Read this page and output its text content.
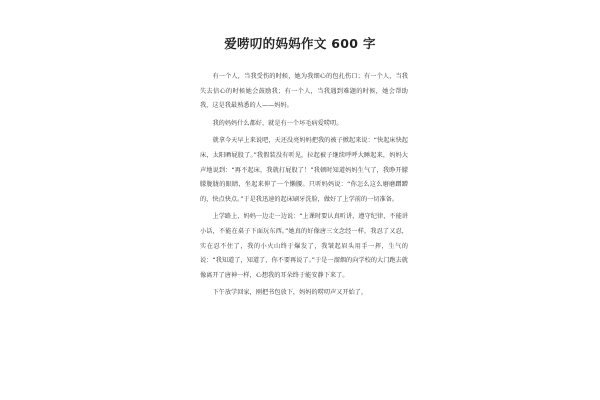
爱唠叨的妈妈作文 600 字

有一个人，当我受伤的时候，她为我细心的包扎伤口；有一个人，当我失去信心的时候她会鼓励我；有一个人，当我遇到难题的时候，她会帮助我，这是我最熟悉的人——妈妈。

我的妈妈什么都好，就是有一个坏毛病爱唠叨。

就拿今天早上来说吧，天还没亮妈妈把我的被子掀起来说：“快起床快起床，太阳晒屁股了。”我假装没有听见，拉起被子继续呼呼大睡起来，妈妈大声地说到：“再不起床，我就打屁股了！”我顿时知道妈妈生气了，我睁开朦朦胧胧的眼睛，坐起来伸了一个懒腰。只听妈妈说：“你怎么这么磨磨蹭蹭的，快点快点。”于是我迅速的起床刷牙洗脸，做好了上学前的一切准备。

上学路上，妈妈一边走一边说：“上课时要认真听讲，遵守纪律，不能讲小话，不能在桌子下面玩东西。”她真的好像唐三文念经一样，我忍了又忍，实在忍不住了，我的小火山终于爆发了，我皱起眉头用手一挥，生气的说：“我知道了，知道了，你不要再说了。”于是一溜烟的向学校的大门跑去就像离开了唐神一样，心想我的耳朵终于能安静下来了。

下午放学回家，刚把书包放下，妈妈的唠叨声又开始了，
